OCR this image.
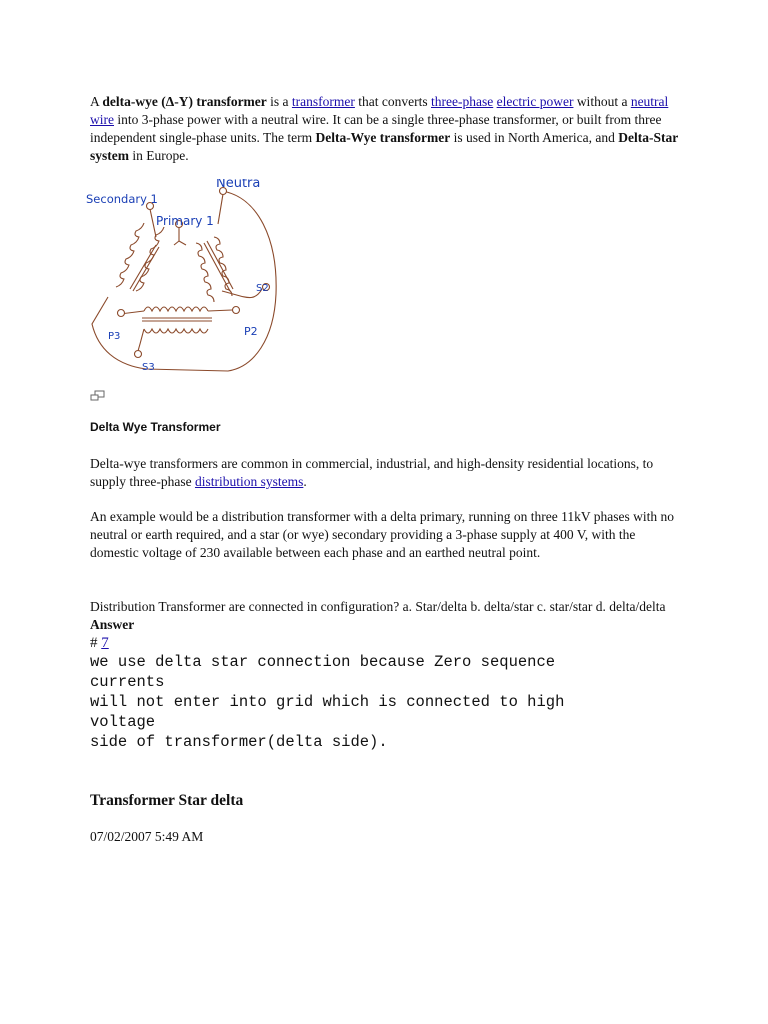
A delta-wye (Δ-Y) transformer is a transformer that converts three-phase electric power without a neutral wire into 3-phase power with a neutral wire. It can be a single three-phase transformer, or built from three independent single-phase units. The term Delta-Wye transformer is used in North America, and Delta-Star system in Europe.

Neutra
Secondary 1
Primary 1
S2
P2
P3
S3

Delta Wye Transformer

Delta-wye transformers are common in commercial, industrial, and high-density residential locations, to supply three-phase distribution systems.

An example would be a distribution transformer with a delta primary, running on three 11kV phases with no neutral or earth required, and a star (or wye) secondary providing a 3-phase supply at 400 V, with the domestic voltage of 230 available between each phase and an earthed neutral point.

Distribution Transformer are connected in configuration? a. Star/delta b. delta/star c. star/star d. delta/delta Answer

# 7

we use delta star connection because Zero sequence
currents
will not enter into grid which is connected to high
voltage
side of transformer(delta side).

Transformer Star delta

07/02/2007 5:49 AM
